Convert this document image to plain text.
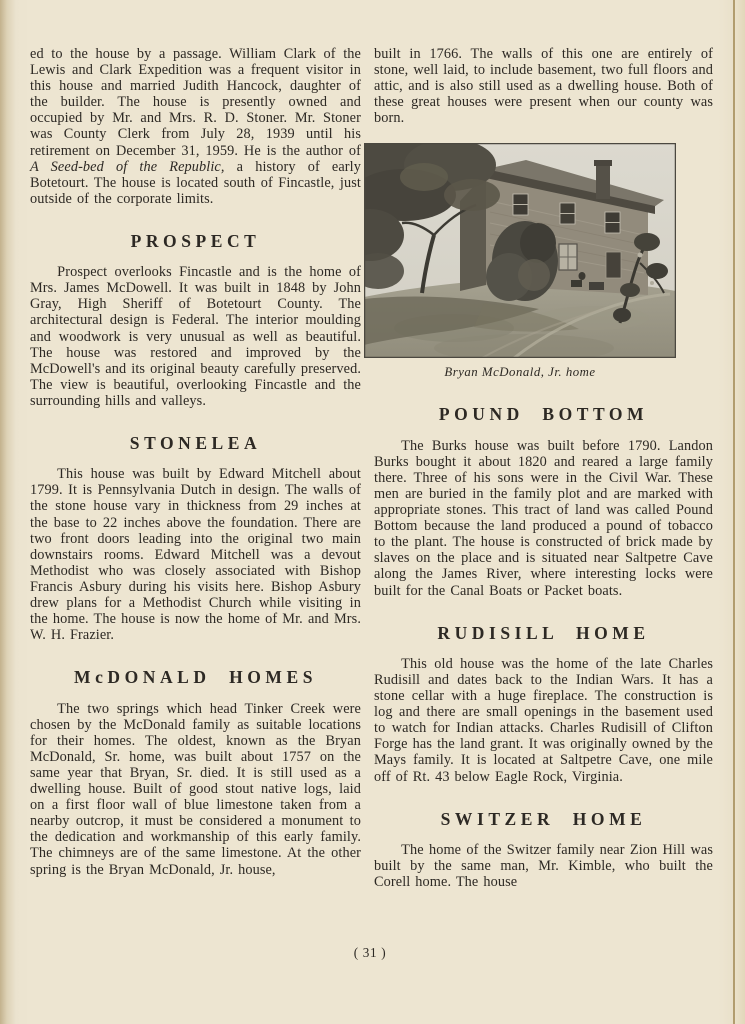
ed to the house by a passage. William Clark of the Lewis and Clark Expedition was a frequent visitor in this house and married Judith Hancock, daughter of the builder. The house is presently owned and occupied by Mr. and Mrs. R. D. Stoner. Mr. Stoner was County Clerk from July 28, 1939 until his retirement on December 31, 1959. He is the author of A Seed-bed of the Republic, a history of early Botetourt. The house is located south of Fincastle, just outside of the corporate limits.

PROSPECT

Prospect overlooks Fincastle and is the home of Mrs. James McDowell. It was built in 1848 by John Gray, High Sheriff of Botetourt County. The architectural design is Federal. The interior moulding and woodwork is very unusual as well as beautiful. The house was restored and improved by the McDowell's and its original beauty carefully preserved. The view is beautiful, overlooking Fincastle and the surrounding hills and valleys.

STONELEA

This house was built by Edward Mitchell about 1799. It is Pennsylvania Dutch in design. The walls of the stone house vary in thickness from 29 inches at the base to 22 inches above the foundation. There are two front doors leading into the original two main downstairs rooms. Edward Mitchell was a devout Methodist who was closely associated with Bishop Francis Asbury during his visits here. Bishop Asbury drew plans for a Methodist Church while visiting in the home. The house is now the home of Mr. and Mrs. W. H. Frazier.

McDONALD HOMES

The two springs which head Tinker Creek were chosen by the McDonald family as suitable locations for their homes. The oldest, known as the Bryan McDonald, Sr. home, was built about 1757 on the same year that Bryan, Sr. died. It is still used as a dwelling house. Built of good stout native logs, laid on a first floor wall of blue limestone taken from a nearby outcrop, it must be considered a monument to the dedication and workmanship of this early family. The chimneys are of the same limestone. At the other spring is the Bryan McDonald, Jr. house,

built in 1766. The walls of this one are entirely of stone, well laid, to include basement, two full floors and attic, and is also still used as a dwelling house. Both of these great houses were present when our county was born.

Bryan McDonald, Jr. home
POUND BOTTOM

The Burks house was built before 1790. Landon Burks bought it about 1820 and reared a large family there. Three of his sons were in the Civil War. These men are buried in the family plot and are marked with appropriate stones. This tract of land was called Pound Bottom because the land produced a pound of tobacco to the plant. The house is constructed of brick made by slaves on the place and is situated near Saltpetre Cave along the James River, where interesting locks were built for the Canal Boats or Packet boats.

RUDISILL HOME

This old house was the home of the late Charles Rudisill and dates back to the Indian Wars. It has a stone cellar with a huge fireplace. The construction is log and there are small openings in the basement used to watch for Indian attacks. Charles Rudisill of Clifton Forge has the land grant. It was originally owned by the Mays family. It is located at Saltpetre Cave, one mile off of Rt. 43 below Eagle Rock, Virginia.

SWITZER HOME

The home of the Switzer family near Zion Hill was built by the same man, Mr. Kimble, who built the Corell home. The house

( 31 )
